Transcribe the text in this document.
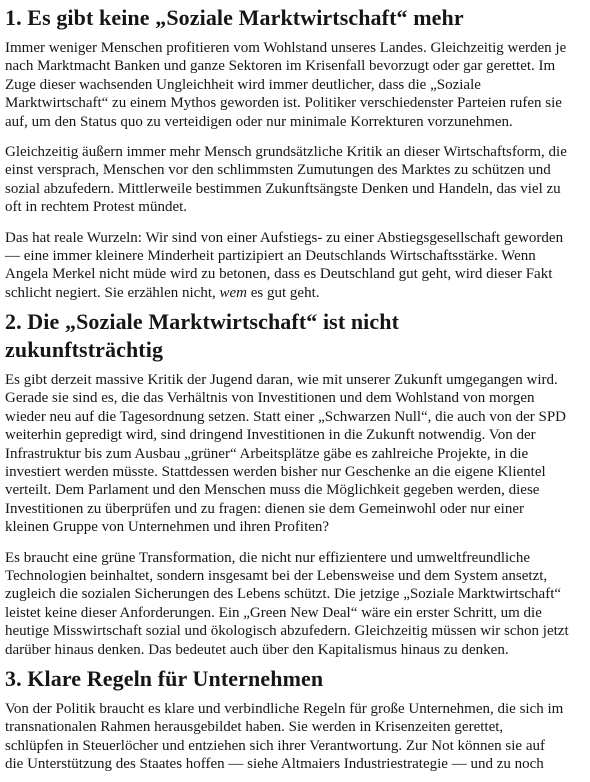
1. Es gibt keine „Soziale Marktwirtschaft“ mehr
Immer weniger Menschen profitieren vom Wohlstand unseres Landes. Gleichzeitig werden je
nach Marktmacht Banken und ganze Sektoren im Krisenfall bevorzugt oder gar gerettet. Im
Zuge dieser wachsenden Ungleichheit wird immer deutlicher, dass die „Soziale
Marktwirtschaft“ zu einem Mythos geworden ist. Politiker verschiedenster Parteien rufen sie
auf, um den Status quo zu verteidigen oder nur minimale Korrekturen vorzunehmen.
Gleichzeitig äußern immer mehr Mensch grundsätzliche Kritik an dieser Wirtschaftsform, die
einst versprach, Menschen vor den schlimmsten Zumutungen des Marktes zu schützen und
sozial abzufedern. Mittlerweile bestimmen Zukunftsängste Denken und Handeln, das viel zu
oft in rechtem Protest mündet.
Das hat reale Wurzeln: Wir sind von einer Aufstiegs- zu einer Abstiegsgesellschaft geworden
— eine immer kleinere Minderheit partizipiert an Deutschlands Wirtschaftsstärke. Wenn
Angela Merkel nicht müde wird zu betonen, dass es Deutschland gut geht, wird dieser Fakt
schlicht negiert. Sie erzählen nicht, wem es gut geht.
2. Die „Soziale Marktwirtschaft“ ist nicht
zukunftsträchtig
Es gibt derzeit massive Kritik der Jugend daran, wie mit unserer Zukunft umgegangen wird.
Gerade sie sind es, die das Verhältnis von Investitionen und dem Wohlstand von morgen
wieder neu auf die Tagesordnung setzen. Statt einer „Schwarzen Null“, die auch von der SPD
weiterhin gepredigt wird, sind dringend Investitionen in die Zukunft notwendig. Von der
Infrastruktur bis zum Ausbau „grüner“ Arbeitsplätze gäbe es zahlreiche Projekte, in die
investiert werden müsste. Stattdessen werden bisher nur Geschenke an die eigene Klientel
verteilt. Dem Parlament und den Menschen muss die Möglichkeit gegeben werden, diese
Investitionen zu überprüfen und zu fragen: dienen sie dem Gemeinwohl oder nur einer
kleinen Gruppe von Unternehmen und ihren Profiten?
Es braucht eine grüne Transformation, die nicht nur effizientere und umweltfreundliche
Technologien beinhaltet, sondern insgesamt bei der Lebensweise und dem System ansetzt,
zugleich die sozialen Sicherungen des Lebens schützt. Die jetzige „Soziale Marktwirtschaft“
leistet keine dieser Anforderungen. Ein „Green New Deal“ wäre ein erster Schritt, um die
heutige Misswirtschaft sozial und ökologisch abzufedern. Gleichzeitig müssen wir schon jetzt
darüber hinaus denken. Das bedeutet auch über den Kapitalismus hinaus zu denken.
3. Klare Regeln für Unternehmen
Von der Politik braucht es klare und verbindliche Regeln für große Unternehmen, die sich im
transnationalen Rahmen herausgebildet haben. Sie werden in Krisenzeiten gerettet,
schlüpfen in Steuerlöcher und entziehen sich ihrer Verantwortung. Zur Not können sie auf
die Unterstützung des Staates hoffen — siehe Altmaiers Industriestrategie — und zu noch
